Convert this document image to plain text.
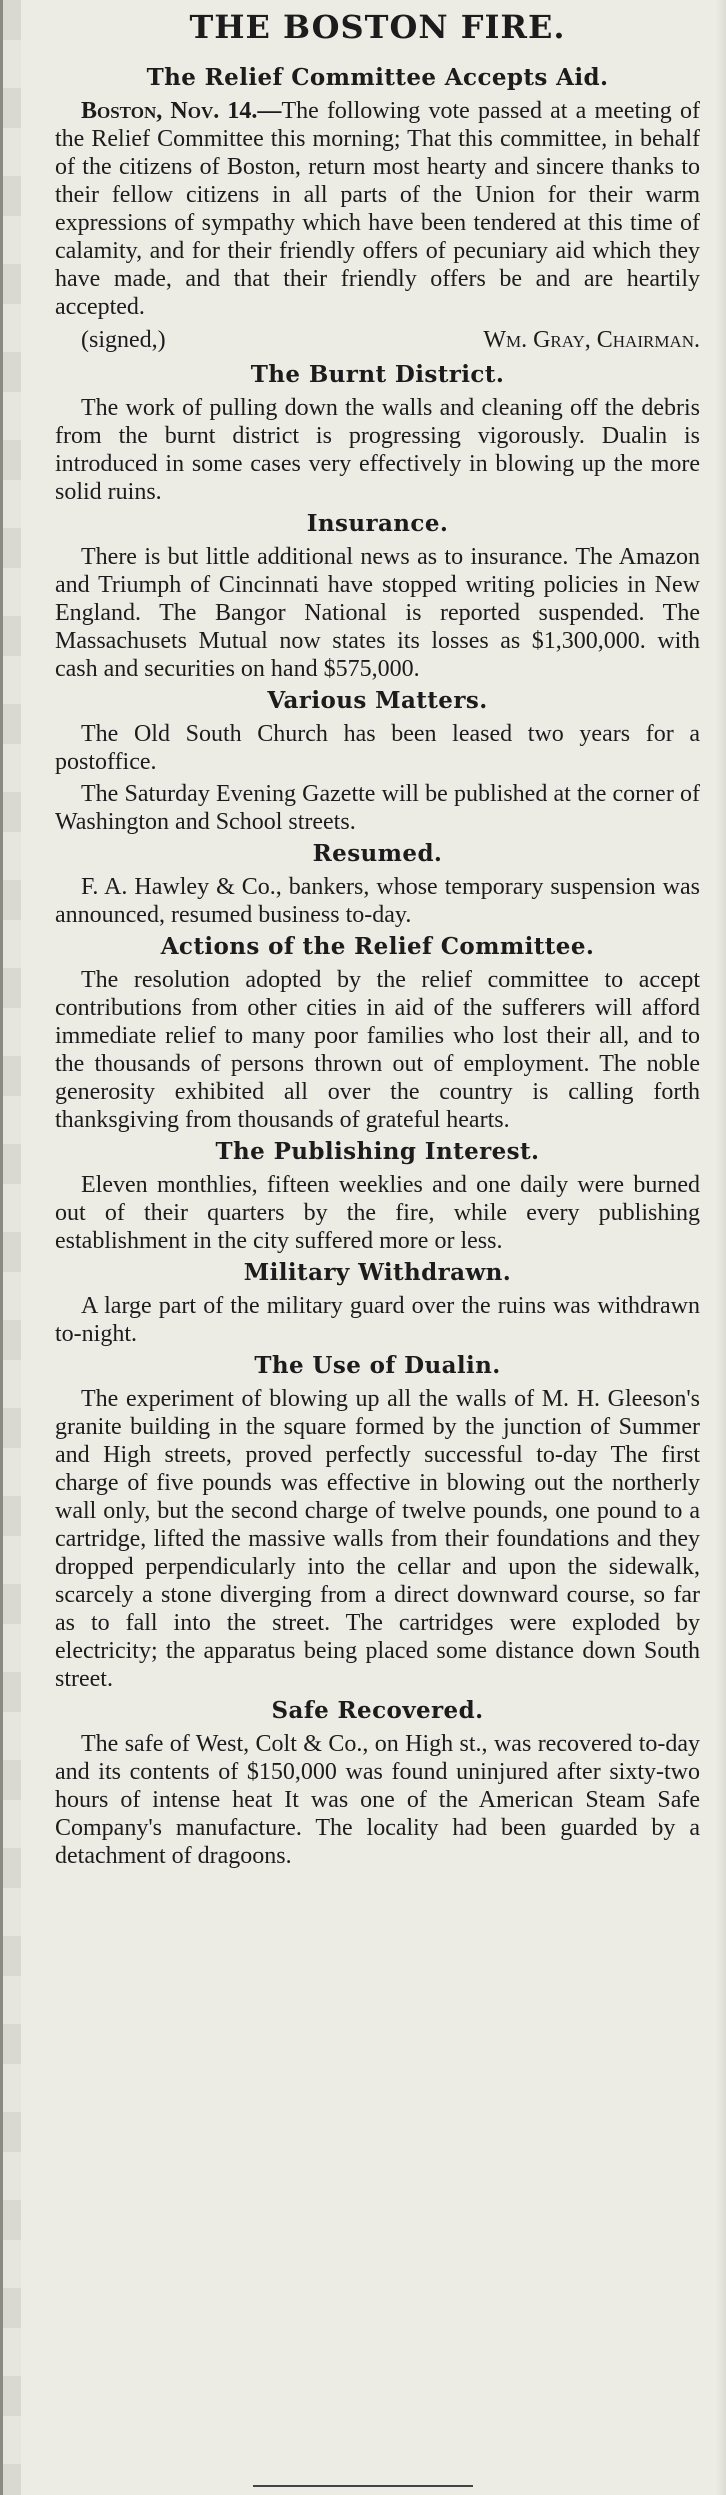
THE BOSTON FIRE.
The Relief Committee Accepts Aid.

Boston, Nov. 14.—The following vote passed at a meeting of the Relief Committee this morning; That this committee, in behalf of the citizens of Boston, return most hearty and sincere thanks to their fellow citizens in all parts of the Union for their warm expressions of sympathy which have been tendered at this time of calamity, and for their friendly offers of pecuniary aid which they have made, and that their friendly offers be and are heartily accepted.

(signed,)	Wm. Gray, Chairman.
The Burnt District.

The work of pulling down the walls and cleaning off the debris from the burnt district is progressing vigorously. Dualin is introduced in some cases very effectively in blowing up the more solid ruins.

Insurance.

There is but little additional news as to insurance. The Amazon and Triumph of Cincinnati have stopped writing policies in New England. The Bangor National is reported suspended. The Massachusets Mutual now states its losses as $1,300,000. with cash and securities on hand $575,000.

Various Matters.

The Old South Church has been leased two years for a postoffice.

The Saturday Evening Gazette will be published at the corner of Washington and School streets.

Resumed.

F. A. Hawley & Co., bankers, whose temporary suspension was announced, resumed business to-day.

Actions of the Relief Committee.

The resolution adopted by the relief committee to accept contributions from other cities in aid of the sufferers will afford immediate relief to many poor families who lost their all, and to the thousands of persons thrown out of employment. The noble generosity exhibited all over the country is calling forth thanksgiving from thousands of grateful hearts.

The Publishing Interest.

Eleven monthlies, fifteen weeklies and one daily were burned out of their quarters by the fire, while every publishing establishment in the city suffered more or less.

Military Withdrawn.

A large part of the military guard over the ruins was withdrawn to-night.

The Use of Dualin.

The experiment of blowing up all the walls of M. H. Gleeson's granite building in the square formed by the junction of Summer and High streets, proved perfectly successful to-day The first charge of five pounds was effective in blowing out the northerly wall only, but the second charge of twelve pounds, one pound to a cartridge, lifted the massive walls from their foundations and they dropped perpendicularly into the cellar and upon the sidewalk, scarcely a stone diverging from a direct downward course, so far as to fall into the street. The cartridges were exploded by electricity; the apparatus being placed some distance down South street.

Safe Recovered.

The safe of West, Colt & Co., on High st., was recovered to-day and its contents of $150,000 was found uninjured after sixty-two hours of intense heat It was one of the American Steam Safe Company's manufacture. The locality had been guarded by a detachment of dragoons.
